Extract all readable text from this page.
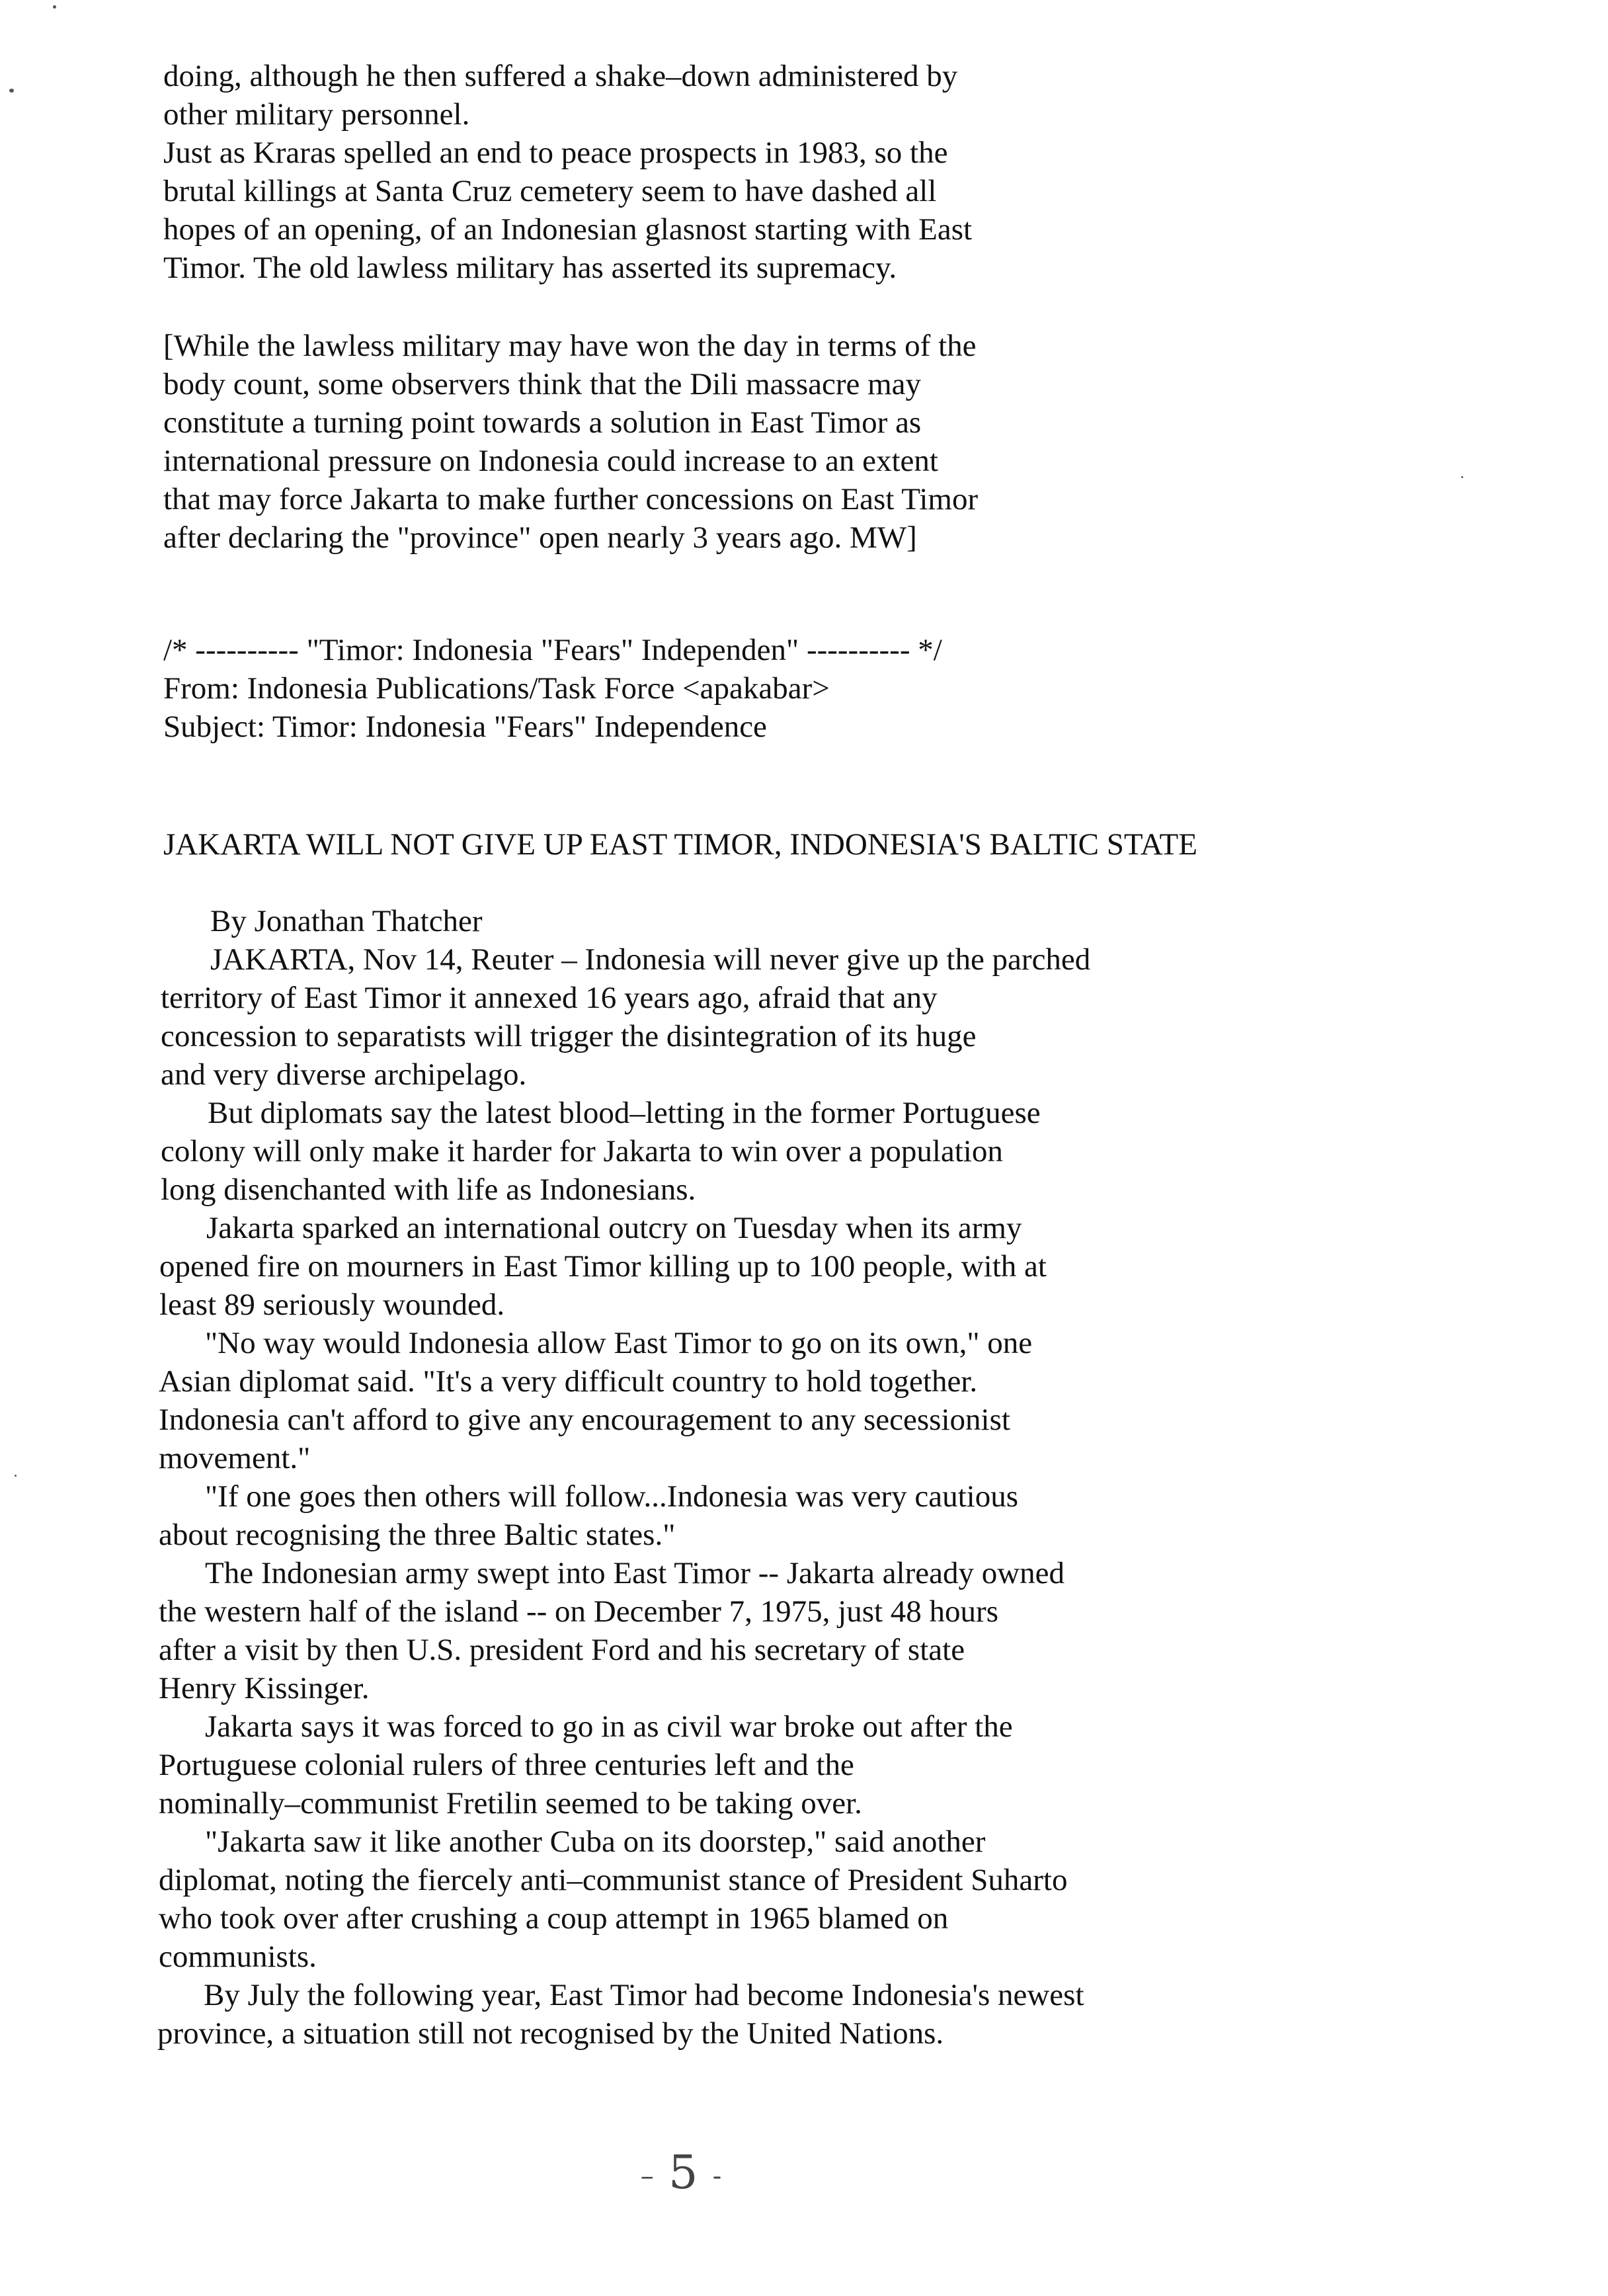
doing, although he then suffered a shake–down administered by
other military personnel.
Just as Kraras spelled an end to peace prospects in 1983, so the
brutal killings at Santa Cruz cemetery seem to have dashed all
hopes of an opening, of an Indonesian glasnost starting with East
Timor. The old lawless military has asserted its supremacy.
[While the lawless military may have won the day in terms of the
body count, some observers think that the Dili massacre may
constitute a turning point towards a solution in East Timor as
international pressure on Indonesia could increase to an extent
that may force Jakarta to make further concessions on East Timor
after declaring the "province" open nearly 3 years ago. MW]
/* ---------- "Timor: Indonesia "Fears" Independen" ---------- */
From: Indonesia Publications/Task Force <apakabar>
Subject: Timor: Indonesia "Fears" Independence
JAKARTA WILL NOT GIVE UP EAST TIMOR, INDONESIA'S BALTIC STATE
By Jonathan Thatcher
JAKARTA, Nov 14, Reuter – Indonesia will never give up the parched
territory of East Timor it annexed 16 years ago, afraid that any
concession to separatists will trigger the disintegration of its huge
and very diverse archipelago.
But diplomats say the latest blood–letting in the former Portuguese
colony will only make it harder for Jakarta to win over a population
long disenchanted with life as Indonesians.
Jakarta sparked an international outcry on Tuesday when its army
opened fire on mourners in East Timor killing up to 100 people, with at
least 89 seriously wounded.
"No way would Indonesia allow East Timor to go on its own," one
Asian diplomat said. "It's a very difficult country to hold together.
Indonesia can't afford to give any encouragement to any secessionist
movement."
"If one goes then others will follow...Indonesia was very cautious
about recognising the three Baltic states."
The Indonesian army swept into East Timor -- Jakarta already owned
the western half of the island -- on December 7, 1975, just 48 hours
after a visit by then U.S. president Ford and his secretary of state
Henry Kissinger.
Jakarta says it was forced to go in as civil war broke out after the
Portuguese colonial rulers of three centuries left and the
nominally–communist Fretilin seemed to be taking over.
"Jakarta saw it like another Cuba on its doorstep," said another
diplomat, noting the fiercely anti–communist stance of President Suharto
who took over after crushing a coup attempt in 1965 blamed on
communists.
By July the following year, East Timor had become Indonesia's newest
province, a situation still not recognised by the United Nations.
– 5 -
